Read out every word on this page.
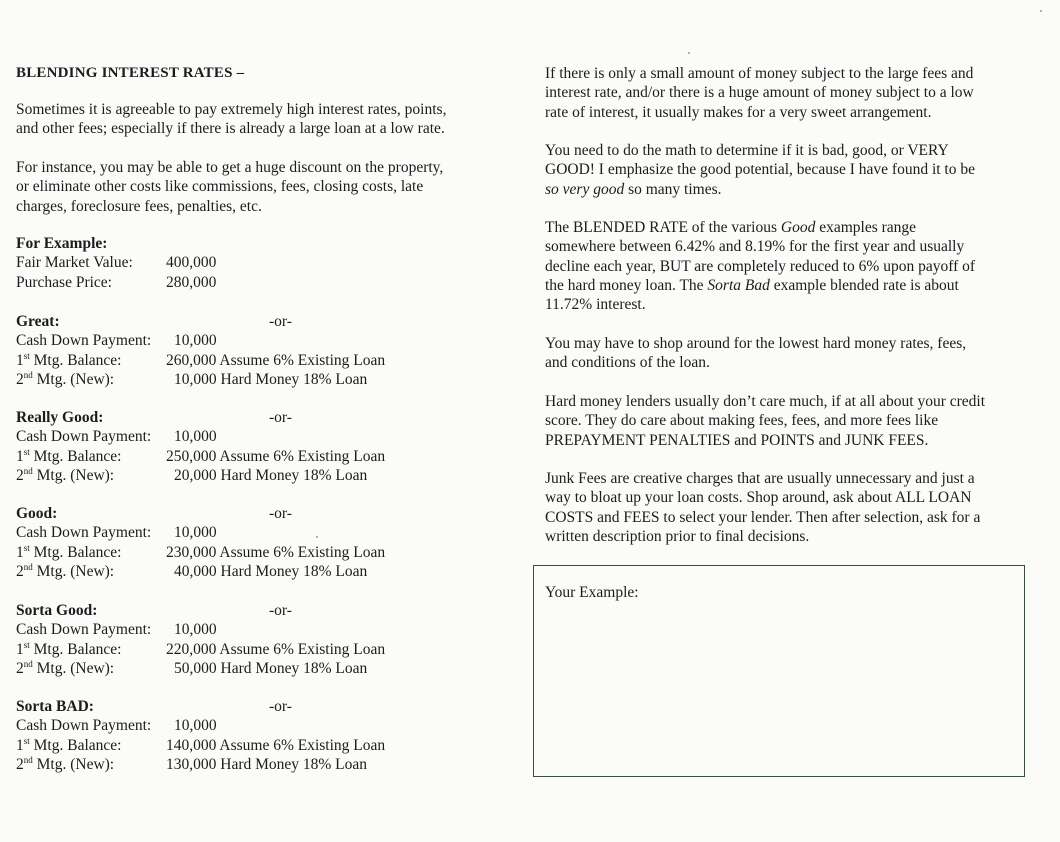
BLENDING INTEREST RATES –

Sometimes it is agreeable to pay extremely high interest rates, points,

and other fees; especially if there is already a large loan at a low rate.

For instance, you may be able to get a huge discount on the property,

or eliminate other costs like commissions, fees, closing costs, late

charges, foreclosure fees, penalties, etc.

For Example:
Fair Market Value: 400,000
Purchase Price:	280,000
Great:	-or-
Cash Down Payment: 10,000
1st Mtg. Balance:	260,000 Assume 6% Existing Loan
2nd Mtg. (New):	10,000 Hard Money 18% Loan
Really Good:	-or-
Cash Down Payment: 10,000
1st Mtg. Balance:	250,000 Assume 6% Existing Loan
2nd Mtg. (New):	20,000 Hard Money 18% Loan
Good:	-or-
Cash Down Payment: 10,000
1st Mtg. Balance:	230,000 Assume 6% Existing Loan
2nd Mtg. (New):	40,000 Hard Money 18% Loan
Sorta Good:	-or-
Cash Down Payment: 10,000
1st Mtg. Balance:	220,000 Assume 6% Existing Loan
2nd Mtg. (New):	50,000 Hard Money 18% Loan
Sorta BAD:	-or-
Cash Down Payment: 10,000
1st Mtg. Balance:	140,000 Assume 6% Existing Loan
2nd Mtg. (New):	130,000 Hard Money 18% Loan

If there is only a small amount of money subject to the large fees and

interest rate, and/or there is a huge amount of money subject to a low

rate of interest, it usually makes for a very sweet arrangement.

You need to do the math to determine if it is bad, good, or VERY

GOOD! I emphasize the good potential, because I have found it to be

so very good so many times.

The BLENDED RATE of the various Good examples range

somewhere between 6.42% and 8.19% for the first year and usually

decline each year, BUT are completely reduced to 6% upon payoff of

the hard money loan. The Sorta Bad example blended rate is about

11.72% interest.

You may have to shop around for the lowest hard money rates, fees,

and conditions of the loan.

Hard money lenders usually don’t care much, if at all about your credit

score. They do care about making fees, fees, and more fees like

PREPAYMENT PENALTIES and POINTS and JUNK FEES.

Junk Fees are creative charges that are usually unnecessary and just a

way to bloat up your loan costs. Shop around, ask about ALL LOAN

COSTS and FEES to select your lender. Then after selection, ask for a

written description prior to final decisions.

Your Example:
